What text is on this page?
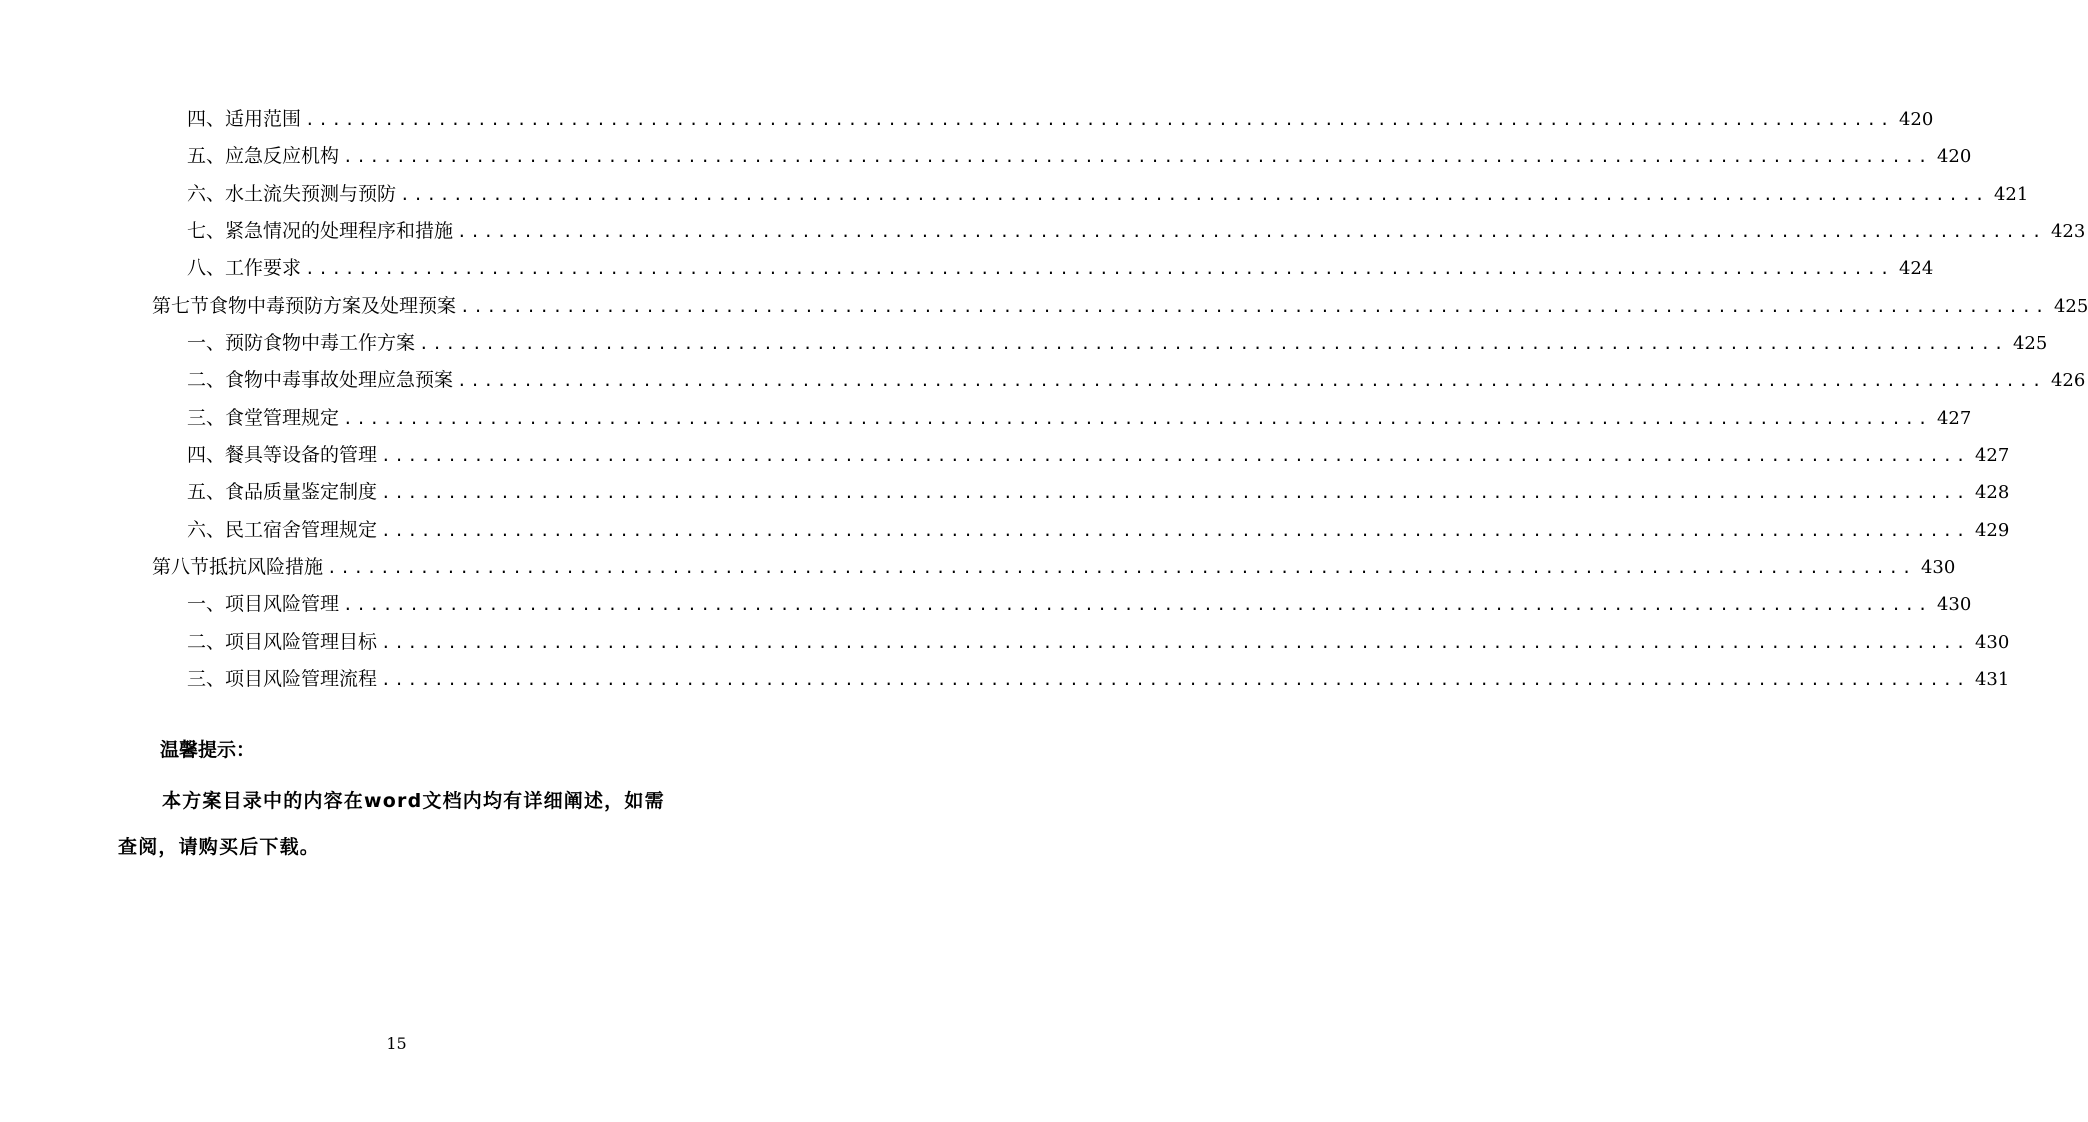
四、 适用范围 ........................................................................................................................ 420
五、 应急反应机构 ........................................................................................................................ 420
六、 水土流失预测与预防 ........................................................................................................................ 421
七、 紧急情况的处理程序和措施 ........................................................................................................................ 423
八、 工作要求 ........................................................................................................................ 424
第七节 食物中毒预防方案及处理预案 ........................................................................................................................ 425
一、 预防食物中毒工作方案 ........................................................................................................................ 425
二、 食物中毒事故处理应急预案 ........................................................................................................................ 426
三、 食堂管理规定 ........................................................................................................................ 427
四、 餐具等设备的管理 ........................................................................................................................ 427
五、 食品质量鉴定制度 ........................................................................................................................ 428
六、 民工宿舍管理规定 ........................................................................................................................ 429
第八节 抵抗风险措施 ........................................................................................................................ 430
一、 项目风险管理 ........................................................................................................................ 430
二、 项目风险管理目标 ........................................................................................................................ 430
三、 项目风险管理流程 ........................................................................................................................ 431
温馨提示：
本方案目录中的内容在word文档内均有详细阐述，如需查阅，请购买后下载。
15
